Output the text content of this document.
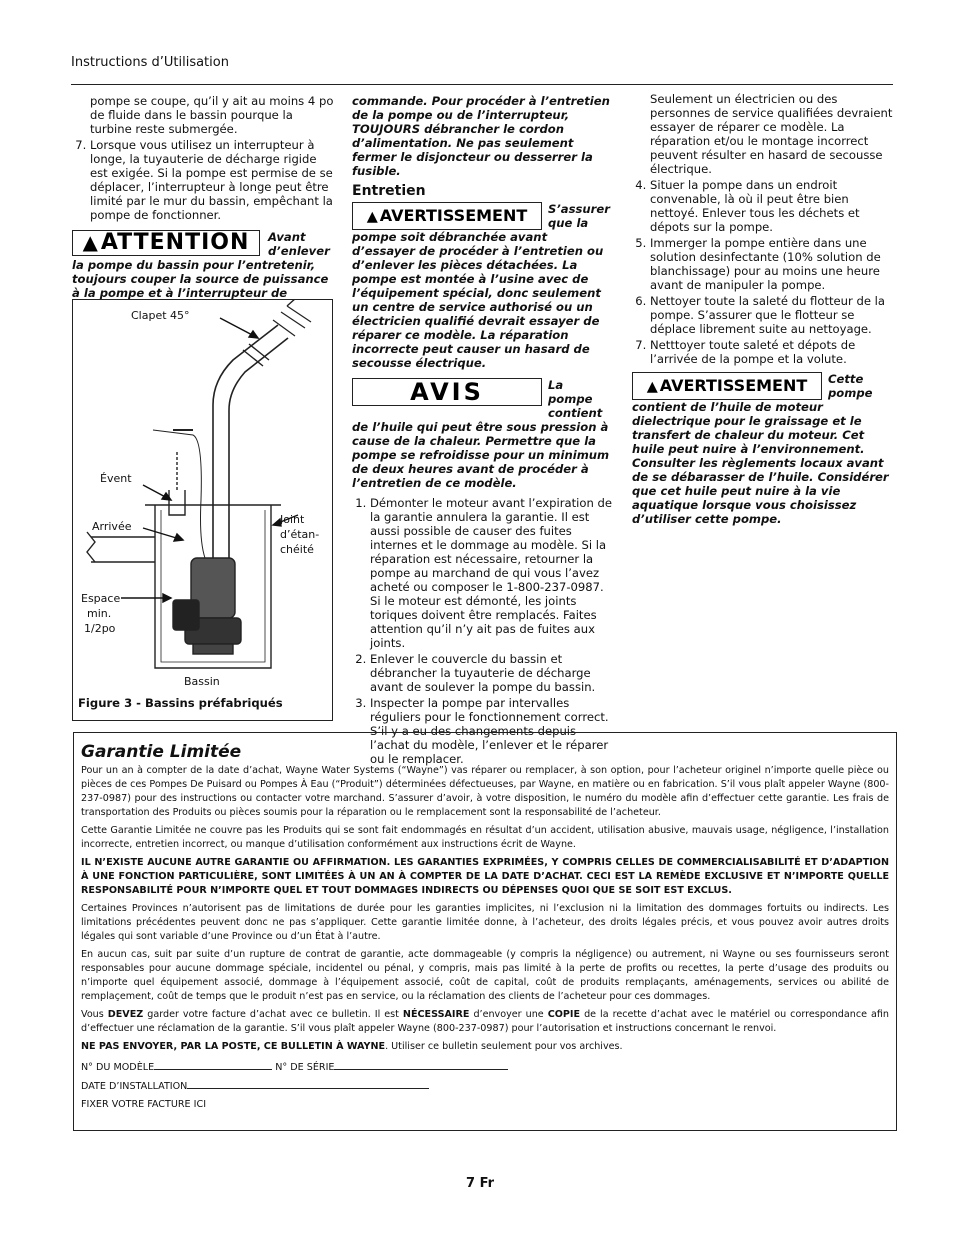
Instructions d’Utilisation

pompe se coupe, qu’il y ait au moins 4 po de fluide dans le bassin pourque la turbine reste submergée.

7. Lorsque vous utilisez un interrupteur à longe, la tuyauterie de décharge rigide est exigée. Si la pompe est permise de se déplacer, l’interrupteur à longe peut être limité par le mur du bassin, empêchant la pompe de fonctionner.
▲ATTENTION	Avant d’enlever

la pompe du bassin pour l’entretenir, toujours couper la source de puissance à la pompe et à l’interrupteur de

Clapet 45°
Évent
Arrivée
Joint
d’étan-
chéité
Espace
min.
1/2po
Bassin
Figure 3 - Bassins préfabriqués

commande. Pour procéder à l’entretien de la pompe ou de l’interrupteur, TOUJOURS débrancher le cordon d’alimentation. Ne pas seulement fermer le disjoncteur ou desserrer la fusible.

Entretien
▲ AVERTISSEMENT	S’assurer que la

pompe soit débranchée avant d’essayer de procéder à l’entretien ou d’enlever les pièces détachées. La pompe est montée à l’usine avec de l’équipement spécial, donc seulement un centre de service authorisé ou un électricien qualifié devrait essayer de réparer ce modèle. La réparation incorrecte peut causer un hasard de secousse électrique.

AVIS	La pompe contient

de l’huile qui peut être sous pression à cause de la chaleur. Permettre que la pompe se refroidisse pour un minimum de deux heures avant de procéder à l’entretien de ce modèle.

1. Démonter le moteur avant l’expiration de la garantie annulera la garantie. Il est aussi possible de causer des fuites internes et le dommage au modèle. Si la réparation est nécessaire, retourner la pompe au marchand de qui vous l’avez acheté ou composer le 1-800-237-0987. Si le moteur est démonté, les joints toriques doivent être remplacés. Faites attention qu’il n’y ait pas de fuites aux joints.
2. Enlever le couvercle du bassin et débrancher la tuyauterie de décharge avant de soulever la pompe du bassin.
3. Inspecter la pompe par intervalles réguliers pour le fonctionnement correct. S’il y a eu des changements depuis l’achat du modèle, l’enlever et le réparer ou le remplacer.

Seulement un électricien ou des personnes de service qualifiées devraient essayer de réparer ce modèle. La réparation et/ou le montage incorrect peuvent résulter en hasard de secousse électrique.

4. Situer la pompe dans un endroit convenable, là où il peut être bien nettoyé. Enlever tous les déchets et dépots sur la pompe.
5. Immerger la pompe entière dans une solution desinfectante (10% solution de blanchissage) pour au moins une heure avant de manipuler la pompe.
6. Nettoyer toute la saleté du flotteur de la pompe. S’assurer que le flotteur se déplace librement suite au nettoyage.
7. Netttoyer toute saleté et dépots de l’arrivée de la pompe et la volute.
▲ AVERTISSEMENT	Cette pompe

contient de l’huile de moteur dielectrique pour le graissage et le transfert de chaleur du moteur. Cet huile peut nuire à l’environnement. Consulter les règlements locaux avant de se débarasser de l’huile. Considérer que cet huile peut nuire à la vie aquatique lorsque vous choisissez d’utiliser cette pompe.

Garantie Limitée

Pour un an à compter de la date d’achat, Wayne Water Systems (“Wayne”) vas réparer ou remplacer, à son option, pour l’acheteur originel n’importe quelle pièce ou pièces de ces Pompes De Puisard ou Pompes À Eau (“Produit”) déterminées défectueuses, par Wayne, en matière ou en fabrication. S’il vous plaît appeler Wayne (800-237-0987) pour des instructions ou contacter votre marchand. S’assurer d’avoir, à votre disposition, le numéro du modèle afin d’effectuer cette garantie. Les frais de transportation des Produits ou pièces soumis pour la réparation ou le remplacement sont la responsabilité de l’acheteur.

Cette Garantie Limitée ne couvre pas les Produits qui se sont fait endommagés en résultat d’un accident, utilisation abusive, mauvais usage, négligence, l’installation incorrecte, entretien incorrect, ou manque d’utilisation conformément aux instructions écrit de Wayne.

IL N’EXISTE AUCUNE AUTRE GARANTIE OU AFFIRMATION. LES GARANTIES EXPRIMÉES, Y COMPRIS CELLES DE COMMERCIALISABILITÉ ET D’ADAPTION À UNE FONCTION PARTICULIÈRE, SONT LIMITÉES À UN AN À COMPTER DE LA DATE D’ACHAT. CECI EST LA REMÈDE EXCLUSIVE ET N’IMPORTE QUELLE RESPONSABILITÉ POUR N’IMPORTE QUEL ET TOUT DOMMAGES INDIRECTS OU DÉPENSES QUOI QUE SE SOIT EST EXCLUS.

Certaines Provinces n’autorisent pas de limitations de durée pour les garanties implicites, ni l’exclusion ni la limitation des dommages fortuits ou indirects. Les limitations précédentes peuvent donc ne pas s’appliquer. Cette garantie limitée donne, à l’acheteur, des droits légales précis, et vous pouvez avoir autres droits légales qui sont variable d’une Province ou d’un État à l’autre.

En aucun cas, suit par suite d’un rupture de contrat de garantie, acte dommageable (y compris la négligence) ou autrement, ni Wayne ou ses fournisseurs seront responsables pour aucune dommage spéciale, incidentel ou pénal, y compris, mais pas limité à la perte de profits ou recettes, la perte d’usage des produits ou n’importe quel équipement associé, dommage à l’équipement associé, coût de capital, coût de produits remplaçants, aménagements, services ou abilité de remplaçement, coût de temps que le produit n’est pas en service, ou la réclamation des clients de l’acheteur pour ces dommages.

Vous DEVEZ garder votre facture d’achat avec ce bulletin. Il est NÉCESSAIRE d’envoyer une COPIE de la recette d’achat avec le matériel ou correspondance afin d’effectuer une réclamation de la garantie. S’il vous plaît appeler Wayne (800-237-0987) pour l’autorisation et instructions concernant le renvoi.

NE PAS ENVOYER, PAR LA POSTE, CE BULLETIN À WAYNE. Utiliser ce bulletin seulement pour vos archives.

N° DU MODÈLE	N° DE SÉRIE

DATE D’INSTALLATION

FIXER VOTRE FACTURE ICI

7 Fr
